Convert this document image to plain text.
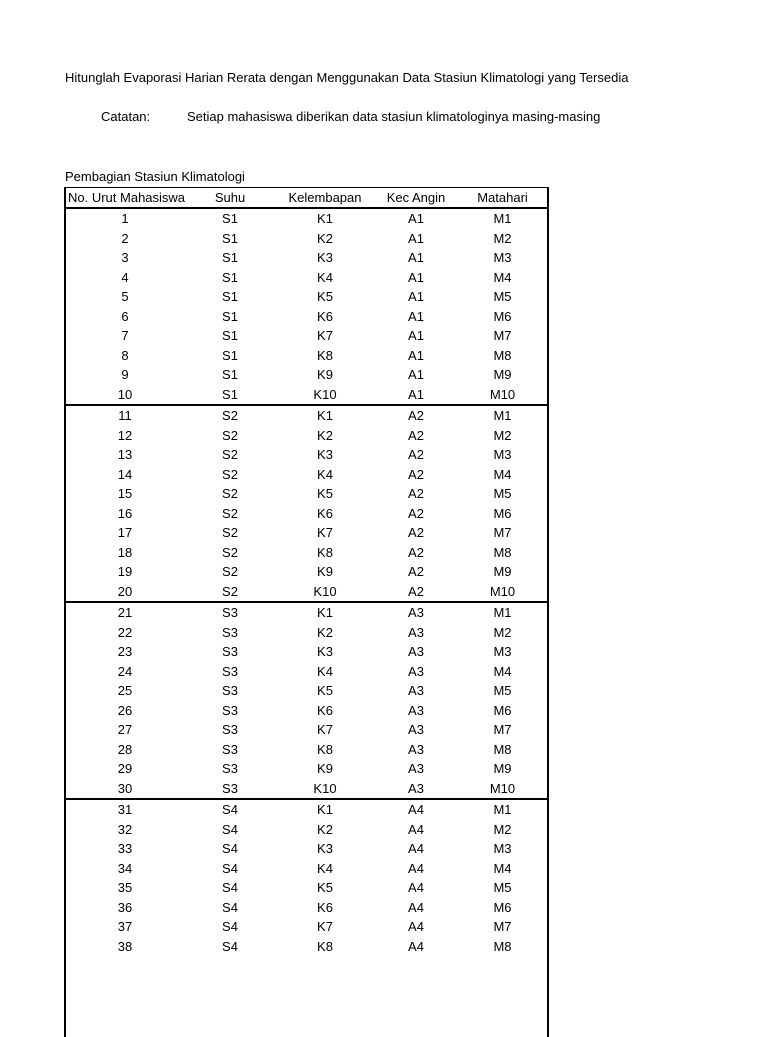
Hitunglah Evaporasi Harian Rerata dengan Menggunakan Data Stasiun Klimatologi yang Tersedia
Catatan:	Setiap mahasiswa diberikan data stasiun klimatologinya masing-masing
Pembagian Stasiun Klimatologi
No. Urut Mahasiswa	Suhu	Kelembapan	Kec Angin	Matahari
1	S1	K1	A1	M1
2	S1	K2	A1	M2
3	S1	K3	A1	M3
4	S1	K4	A1	M4
5	S1	K5	A1	M5
6	S1	K6	A1	M6
7	S1	K7	A1	M7
8	S1	K8	A1	M8
9	S1	K9	A1	M9
10	S1	K10	A1	M10
11	S2	K1	A2	M1
12	S2	K2	A2	M2
13	S2	K3	A2	M3
14	S2	K4	A2	M4
15	S2	K5	A2	M5
16	S2	K6	A2	M6
17	S2	K7	A2	M7
18	S2	K8	A2	M8
19	S2	K9	A2	M9
20	S2	K10	A2	M10
21	S3	K1	A3	M1
22	S3	K2	A3	M2
23	S3	K3	A3	M3
24	S3	K4	A3	M4
25	S3	K5	A3	M5
26	S3	K6	A3	M6
27	S3	K7	A3	M7
28	S3	K8	A3	M8
29	S3	K9	A3	M9
30	S3	K10	A3	M10
31	S4	K1	A4	M1
32	S4	K2	A4	M2
33	S4	K3	A4	M3
34	S4	K4	A4	M4
35	S4	K5	A4	M5
36	S4	K6	A4	M6
37	S4	K7	A4	M7
38	S4	K8	A4	M8
